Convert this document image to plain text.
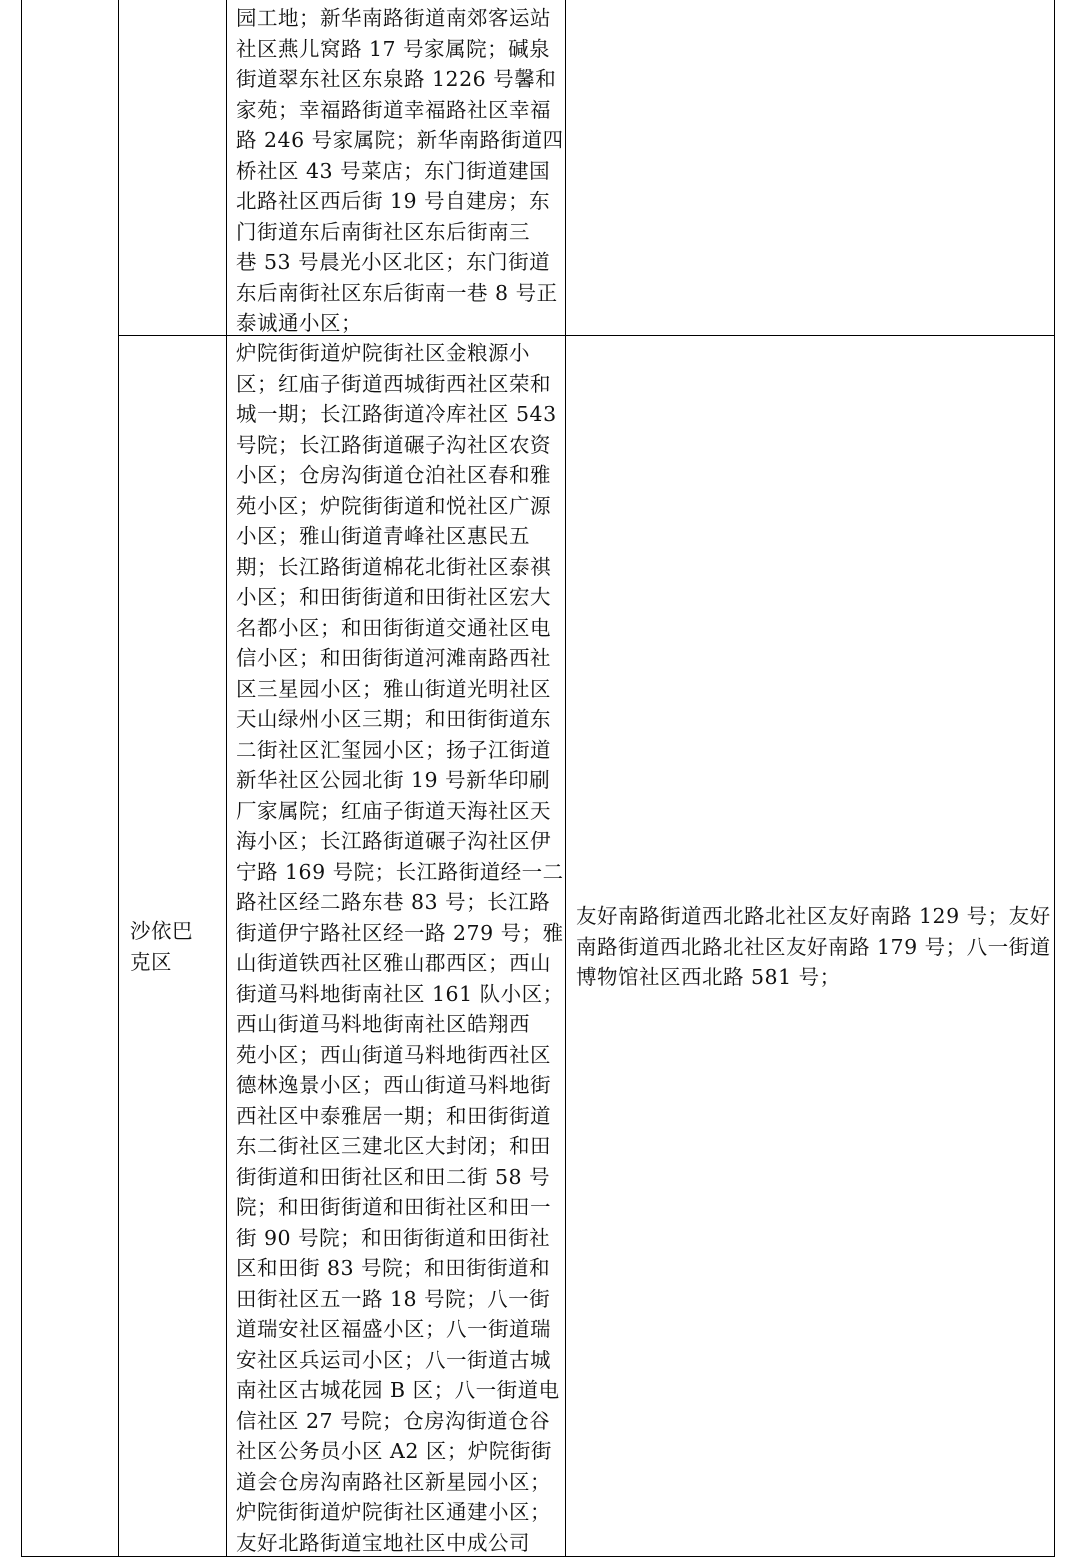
园工地；新华南路街道南郊客运站
社区燕儿窝路 17 号家属院；碱泉
街道翠东社区东泉路 1226 号馨和
家苑；幸福路街道幸福路社区幸福
路 246 号家属院；新华南路街道四
桥社区 43 号菜店；东门街道建国
北路社区西后街 19 号自建房；东
门街道东后南街社区东后街南三
巷 53 号晨光小区北区；东门街道
东后南街社区东后街南一巷 8 号正
泰诚通小区；
沙依巴
克区
炉院街街道炉院街社区金粮源小
区；红庙子街道西城街西社区荣和
城一期；长江路街道冷库社区 543
号院；长江路街道碾子沟社区农资
小区；仓房沟街道仓泊社区春和雅
苑小区；炉院街街道和悦社区广源
小区；雅山街道青峰社区惠民五
期；长江路街道棉花北街社区泰祺
小区；和田街街道和田街社区宏大
名都小区；和田街街道交通社区电
信小区；和田街街道河滩南路西社
区三星园小区；雅山街道光明社区
天山绿州小区三期；和田街街道东
二街社区汇玺园小区；扬子江街道
新华社区公园北街 19 号新华印刷
厂家属院；红庙子街道天海社区天
海小区；长江路街道碾子沟社区伊
宁路 169 号院；长江路街道经一二
路社区经二路东巷 83 号；长江路
街道伊宁路社区经一路 279 号；雅
山街道铁西社区雅山郡西区；西山
街道马料地街南社区 161 队小区；
西山街道马料地街南社区皓翔西
苑小区；西山街道马料地街西社区
德林逸景小区；西山街道马料地街
西社区中泰雅居一期；和田街街道
东二街社区三建北区大封闭；和田
街街道和田街社区和田二街 58 号
院；和田街街道和田街社区和田一
街 90 号院；和田街街道和田街社
区和田街 83 号院；和田街街道和
田街社区五一路 18 号院；八一街
道瑞安社区福盛小区；八一街道瑞
安社区兵运司小区；八一街道古城
南社区古城花园 B 区；八一街道电
信社区 27 号院；仓房沟街道仓谷
社区公务员小区 A2 区；炉院街街
道会仓房沟南路社区新星园小区；
炉院街街道炉院街社区通建小区；
友好北路街道宝地社区中成公司
友好南路街道西北路北社区友好南路 129 号；友好
南路街道西北路北社区友好南路 179 号；八一街道
博物馆社区西北路 581 号；
